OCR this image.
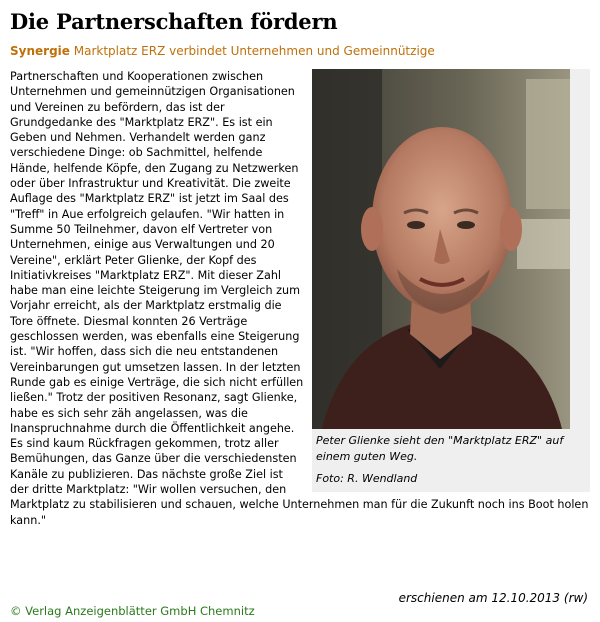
Die Partnerschaften fördern
Synergie Marktplatz ERZ verbindet Unternehmen und Gemeinnützige
Peter Glienke sieht den "Marktplatz ERZ" auf einem guten Weg.
Foto: R. Wendland

Partnerschaften und Kooperationen zwischen Unternehmen und gemeinnützigen Organisationen und Vereinen zu befördern, das ist der Grundgedanke des "Marktplatz ERZ". Es ist ein Geben und Nehmen. Verhandelt werden ganz verschiedene Dinge: ob Sachmittel, helfende Hände, helfende Köpfe, den Zugang zu Netzwerken oder über Infrastruktur und Kreativität. Die zweite Auflage des "Marktplatz ERZ" ist jetzt im Saal des "Treff" in Aue erfolgreich gelaufen. "Wir hatten in Summe 50 Teilnehmer, davon elf Vertreter von Unternehmen, einige aus Verwaltungen und 20 Vereine", erklärt Peter Glienke, der Kopf des Initiativkreises "Marktplatz ERZ". Mit dieser Zahl habe man eine leichte Steigerung im Vergleich zum Vorjahr erreicht, als der Marktplatz erstmalig die Tore öffnete. Diesmal konnten 26 Verträge geschlossen werden, was ebenfalls eine Steigerung ist. "Wir hoffen, dass sich die neu entstandenen Vereinbarungen gut umsetzen lassen. In der letzten Runde gab es einige Verträge, die sich nicht erfüllen ließen." Trotz der positiven Resonanz, sagt Glienke, habe es sich sehr zäh angelassen, was die Inanspruchnahme durch die Öffentlichkeit angehe. Es sind kaum Rückfragen gekommen, trotz aller Bemühungen, das Ganze über die verschiedensten Kanäle zu publizieren. Das nächste große Ziel ist der dritte Marktplatz: "Wir wollen versuchen, den Marktplatz zu stabilisieren und schauen, welche Unternehmen man für die Zukunft noch ins Boot holen kann."

erschienen am 12.10.2013 (rw)
© Verlag Anzeigenblätter GmbH Chemnitz
